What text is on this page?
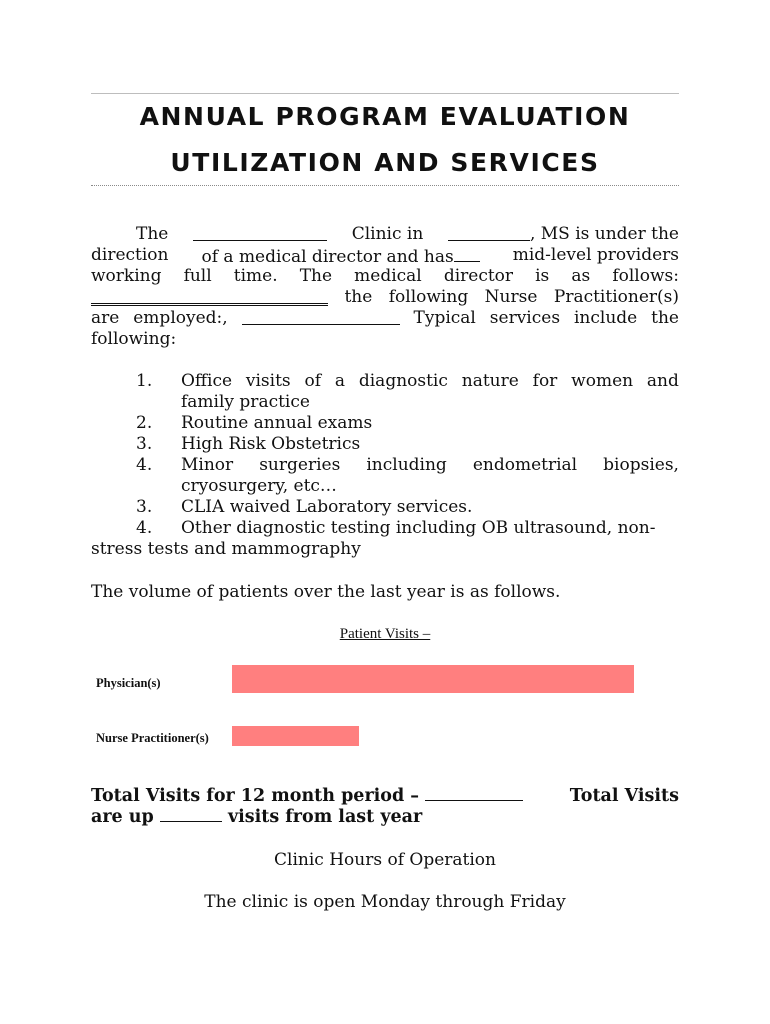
ANNUAL PROGRAM EVALUATION
UTILIZATION AND SERVICES
The	Clinic in	, MS is under the
direction of a medical director and has	mid-level providers
working full time. The medical director is as follows:
the following Nurse Practitioner(s)
are employed:,	Typical services include the
following:
1.	Office visits of a diagnostic nature for women and
family practice
2.	Routine annual exams
3.	High Risk Obstetrics
4.	Minor surgeries including endometrial biopsies,
cryosurgery, etc…
3.	CLIA waived Laboratory services.
4.	Other diagnostic testing including OB ultrasound, non-
stress tests and mammography
The volume of patients over the last year is as follows.
Patient Visits –
Physician(s)
Nurse Practitioner(s)
Total Visits for 12 month period –	Total Visits
are up	visits from last year
Clinic Hours of Operation
The clinic is open Monday through Friday
